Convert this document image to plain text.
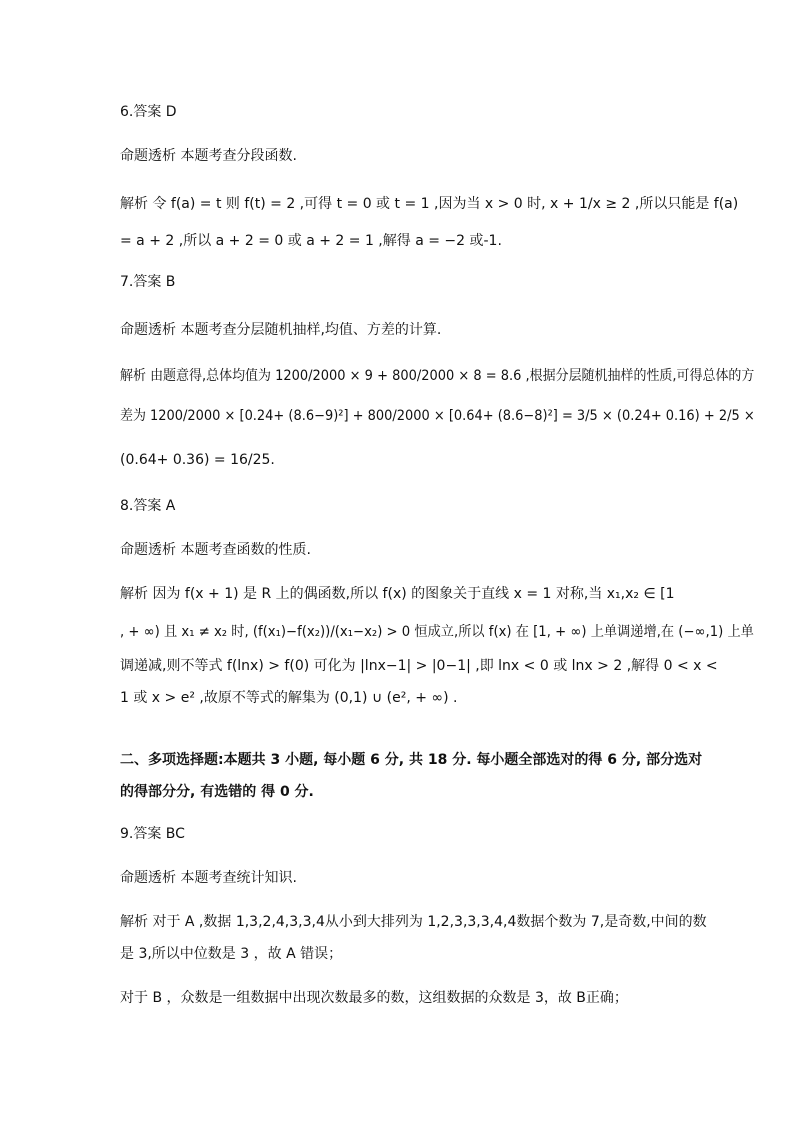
6.答案 D
命题透析 本题考查分段函数.
解析 令 f(a) = t 则 f(t) = 2 ,可得 t = 0 或 t = 1 ,因为当 x > 0 时, x + 1/x ≥ 2 ,所以只能是 f(a)
= a + 2 ,所以 a + 2 = 0 或 a + 2 = 1 ,解得 a = −2 或-1.
7.答案 B
命题透析 本题考查分层随机抽样,均值、方差的计算.
解析 由题意得,总体均值为 1200/2000 × 9 + 800/2000 × 8 = 8.6 ,根据分层随机抽样的性质,可得总体的方
差为 1200/2000 × [0.24+ (8.6−9)²] + 800/2000 × [0.64+ (8.6−8)²] = 3/5 × (0.24+ 0.16) + 2/5 ×
(0.64+ 0.36) = 16/25.
8.答案 A
命题透析 本题考查函数的性质.
解析 因为 f(x + 1) 是 R 上的偶函数,所以 f(x) 的图象关于直线 x = 1 对称,当 x₁,x₂ ∈ [1
, + ∞) 且 x₁ ≠ x₂ 时, (f(x₁)−f(x₂))/(x₁−x₂) > 0 恒成立,所以 f(x) 在 [1, + ∞) 上单调递增,在 (−∞,1) 上单
调递减,则不等式 f(lnx) > f(0) 可化为 |lnx−1| > |0−1| ,即 lnx < 0 或 lnx > 2 ,解得 0 < x <
1 或 x > e² ,故原不等式的解集为 (0,1) ∪ (e², + ∞) .
二、多项选择题:本题共 3 小题, 每小题 6 分, 共 18 分. 每小题全部选对的得 6 分, 部分选对
的得部分分, 有选错的 得 0 分.
9.答案 BC
命题透析 本题考查统计知识.
解析 对于 A ,数据 1,3,2,4,3,3,4从小到大排列为 1,2,3,3,3,4,4数据个数为 7,是奇数,中间的数
是 3,所以中位数是 3 ，故 A 错误；
对于 B ，众数是一组数据中出现次数最多的数，这组数据的众数是 3，故 B正确；
